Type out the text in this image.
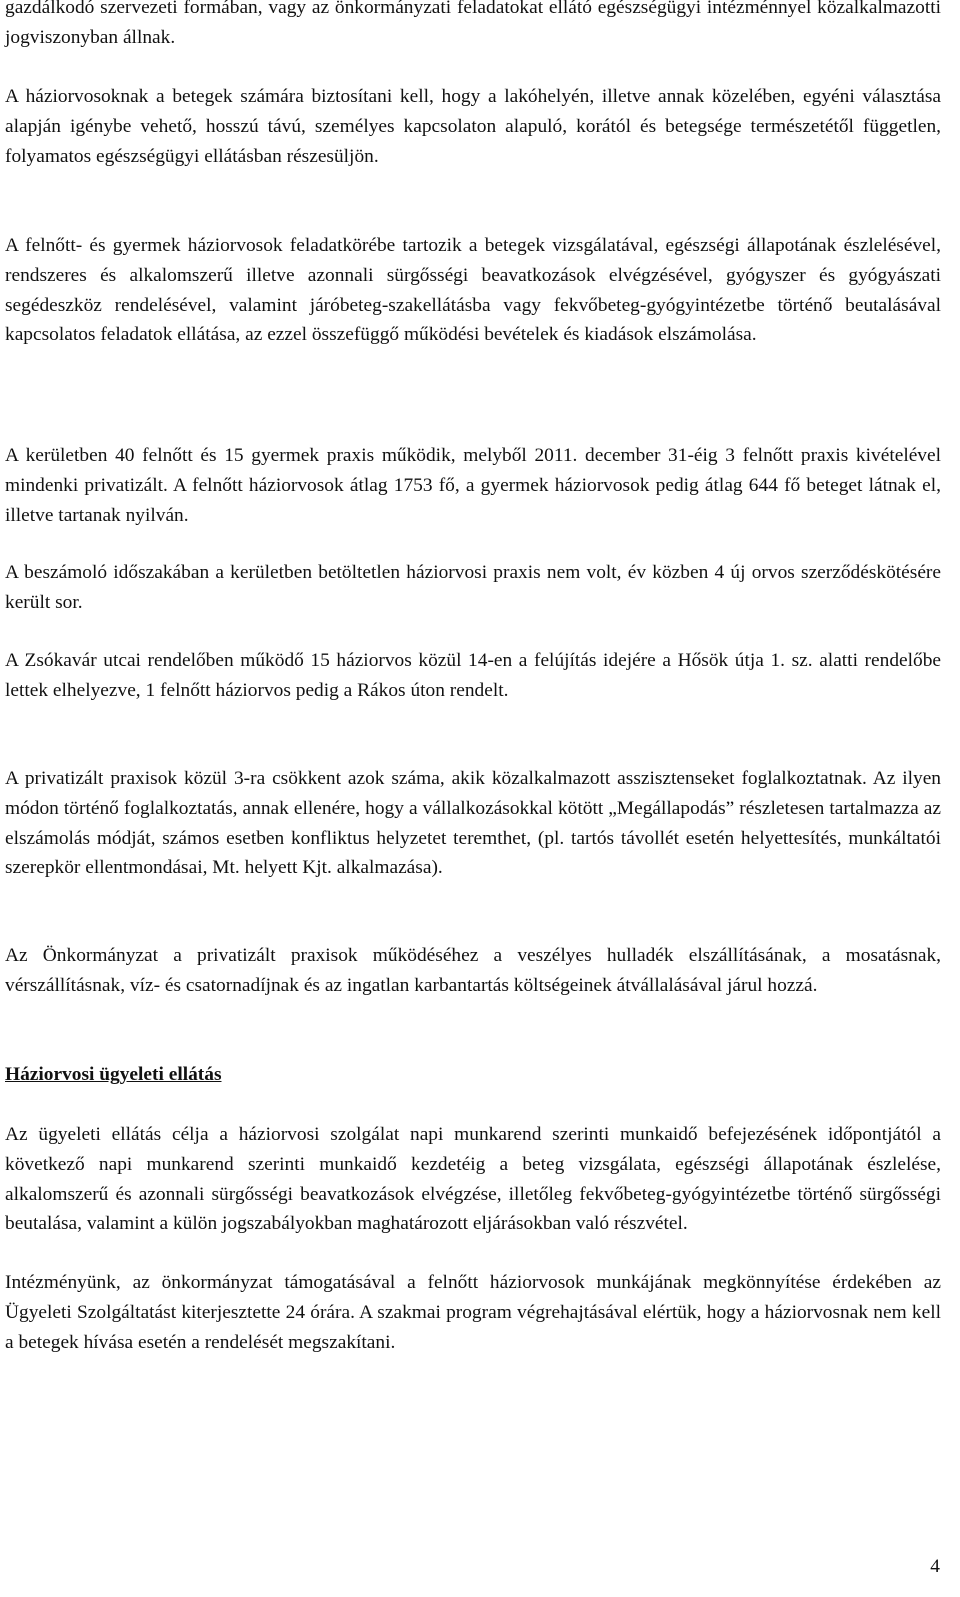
gazdálkodó szervezeti formában, vagy az önkormányzati feladatokat ellátó egészségügyi intézménnyel közalkalmazotti jogviszonyban állnak.

A háziorvosoknak a betegek számára biztosítani kell, hogy a lakóhelyén, illetve annak közelében, egyéni választása alapján igénybe vehető, hosszú távú, személyes kapcsolaton alapuló, korától és betegsége természetétől független, folyamatos egészségügyi ellátásban részesüljön.

A felnőtt- és gyermek háziorvosok feladatkörébe tartozik a betegek vizsgálatával, egészségi állapotának észlelésével, rendszeres és alkalomszerű illetve azonnali sürgősségi beavatkozások elvégzésével, gyógyszer és gyógyászati segédeszköz rendelésével, valamint járóbeteg-szakellátásba vagy fekvőbeteg-gyógyintézetbe történő beutalásával kapcsolatos feladatok ellátása, az ezzel összefüggő működési bevételek és kiadások elszámolása.

A kerületben 40 felnőtt és 15 gyermek praxis működik, melyből 2011. december 31-éig 3 felnőtt praxis kivételével mindenki privatizált. A felnőtt háziorvosok átlag 1753 fő, a gyermek háziorvosok pedig átlag 644 fő beteget látnak el, illetve tartanak nyilván.

A beszámoló időszakában a kerületben betöltetlen háziorvosi praxis nem volt, év közben 4 új orvos szerződéskötésére került sor.

A Zsókavár utcai rendelőben működő 15 háziorvos közül 14-en a felújítás idejére a Hősök útja 1. sz. alatti rendelőbe lettek elhelyezve, 1 felnőtt háziorvos pedig a Rákos úton rendelt.

A privatizált praxisok közül 3-ra csökkent azok száma, akik közalkalmazott asszisztenseket foglalkoztatnak. Az ilyen módon történő foglalkoztatás, annak ellenére, hogy a vállalkozásokkal kötött „Megállapodás” részletesen tartalmazza az elszámolás módját, számos esetben konfliktus helyzetet teremthet, (pl. tartós távollét esetén helyettesítés, munkáltatói szerepkör ellentmondásai, Mt. helyett Kjt. alkalmazása).

Az Önkormányzat a privatizált praxisok működéséhez a veszélyes hulladék elszállításának, a mosatásnak, vérszállításnak, víz- és csatornadíjnak és az ingatlan karbantartás költségeinek átvállalásával járul hozzá.

Háziorvosi ügyeleti ellátás

Az ügyeleti ellátás célja a háziorvosi szolgálat napi munkarend szerinti munkaidő befejezésének időpontjától a következő napi munkarend szerinti munkaidő kezdetéig a beteg vizsgálata, egészségi állapotának észlelése, alkalomszerű és azonnali sürgősségi beavatkozások elvégzése, illetőleg fekvőbeteg-gyógyintézetbe történő sürgősségi beutalása, valamint a külön jogszabályokban maghatározott eljárásokban való részvétel.

Intézményünk, az önkormányzat támogatásával a felnőtt háziorvosok munkájának megkönnyítése érdekében az Ügyeleti Szolgáltatást kiterjesztette 24 órára. A szakmai program végrehajtásával elértük, hogy a háziorvosnak nem kell a betegek hívása esetén a rendelését megszakítani.

4
